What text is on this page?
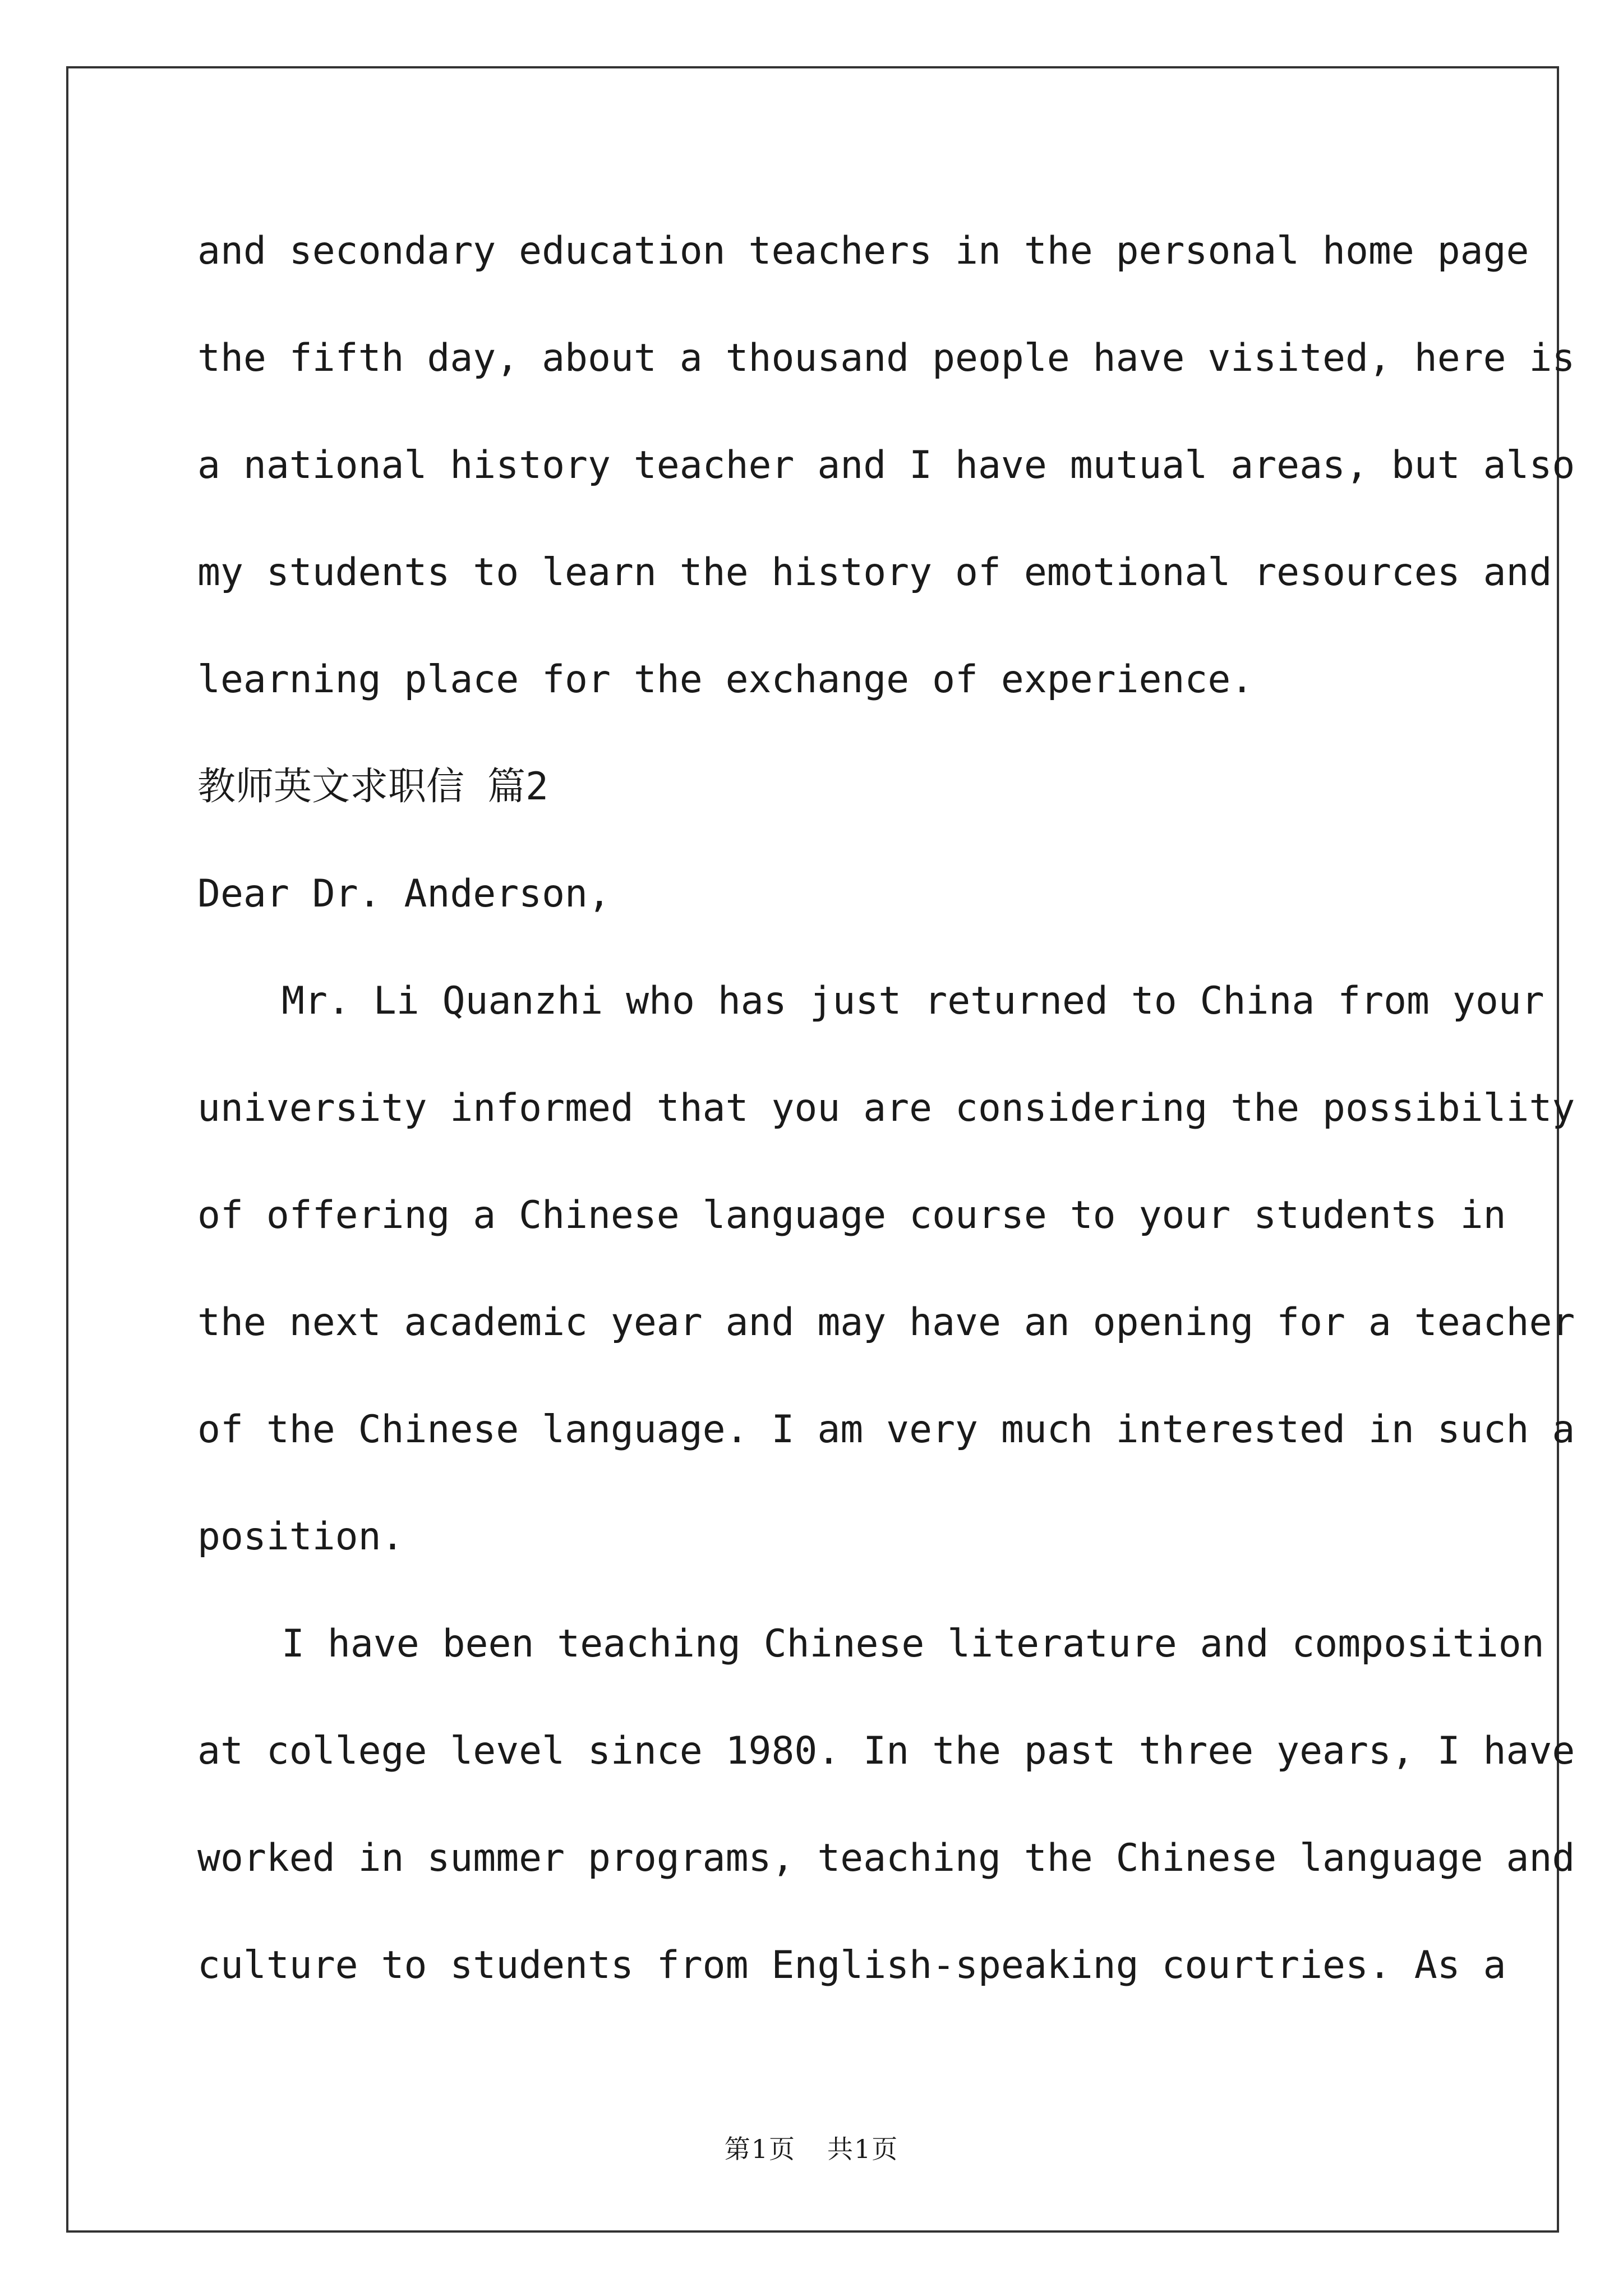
and secondary education teachers in the personal home page
the fifth day, about a thousand people have visited, here is
a national history teacher and I have mutual areas, but also
my students to learn the history of emotional resources and
learning place for the exchange of experience.
教师英文求职信 篇2
Dear Dr. Anderson,
Mr. Li Quanzhi who has just returned to China from your
university informed that you are considering the possibility
of offering a Chinese language course to your students in
the next academic year and may have an opening for a teacher
of the Chinese language. I am very much interested in such a
position.
I have been teaching Chinese literature and composition
at college level since 1980. In the past three years, I have
worked in summer programs, teaching the Chinese language and
culture to students from English-speaking courtries. As a
第1页 共1页
